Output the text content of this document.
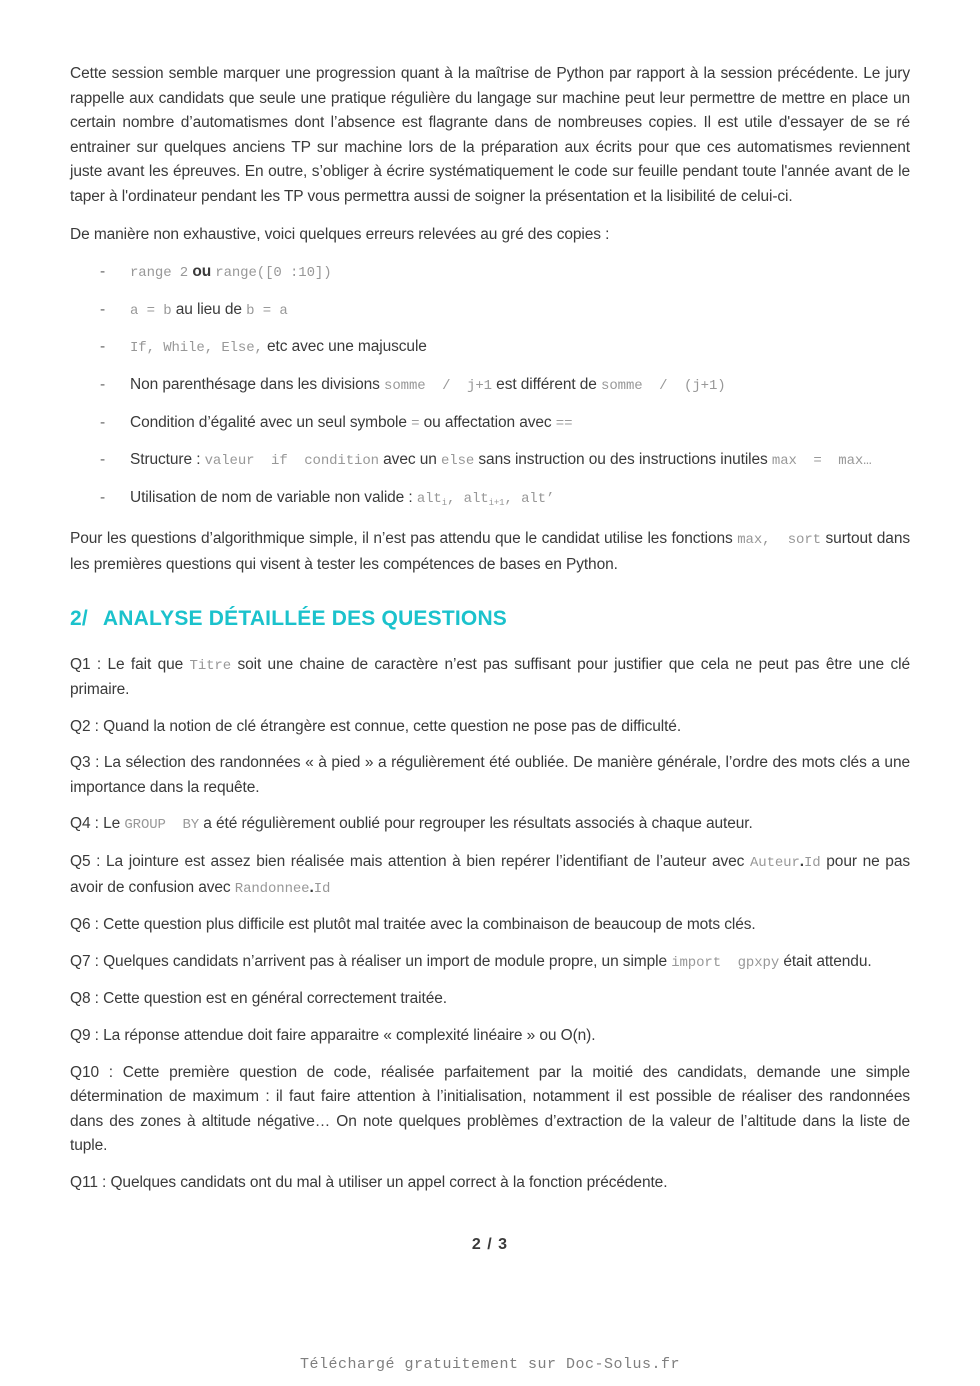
Cette session semble marquer une progression quant à la maîtrise de Python par rapport à la session précédente. Le jury rappelle aux candidats que seule une pratique régulière du langage sur machine peut leur permettre de mettre en place un certain nombre d’automatismes dont l’absence est flagrante dans de nombreuses copies. Il est utile d'essayer de se ré entrainer sur quelques anciens TP sur machine lors de la préparation aux écrits pour que ces automatismes reviennent juste avant les épreuves. En outre, s’obliger à écrire systématiquement le code sur feuille pendant toute l'année avant de le taper à l'ordinateur pendant les TP vous permettra aussi de soigner la présentation et la lisibilité de celui-ci.

De manière non exhaustive, voici quelques erreurs relevées au gré des copies :

-	range 2 ou range([0 :10])
-	a = b au lieu de b = a
-	If, While, Else, etc avec une majuscule
-	Non parenthésage dans les divisions somme  /  j+1 est différent de somme  /  (j+1)
-	Condition d’égalité avec un seul symbole = ou affectation avec ==
-	Structure : valeur  if  condition avec un else sans instruction ou des instructions inutiles max  =  max…
-	Utilisation de nom de variable non valide : alti, alti+1, alt’

Pour les questions d’algorithmique simple, il n’est pas attendu que le candidat utilise les fonctions max,  sort surtout dans les premières questions qui visent à tester les compétences de bases en Python.

2/ ANALYSE DÉTAILLÉE DES QUESTIONS

Q1 : Le fait que Titre soit une chaine de caractère n’est pas suffisant pour justifier que cela ne peut pas être une clé primaire.

Q2 : Quand la notion de clé étrangère est connue, cette question ne pose pas de difficulté.

Q3 : La sélection des randonnées « à pied » a régulièrement été oubliée. De manière générale, l’ordre des mots clés a une importance dans la requête.

Q4 : Le GROUP  BY a été régulièrement oublié pour regrouper les résultats associés à chaque auteur.

Q5 : La jointure est assez bien réalisée mais attention à bien repérer l’identifiant de l’auteur avec Auteur.Id pour ne pas avoir de confusion avec Randonnee.Id

Q6 : Cette question plus difficile est plutôt mal traitée avec la combinaison de beaucoup de mots clés.

Q7 : Quelques candidats n’arrivent pas à réaliser un import de module propre, un simple import  gpxpy était attendu.

Q8 : Cette question est en général correctement traitée.

Q9 : La réponse attendue doit faire apparaitre « complexité linéaire » ou O(n).

Q10 : Cette première question de code, réalisée parfaitement par la moitié des candidats, demande une simple détermination de maximum : il faut faire attention à l’initialisation, notamment il est possible de réaliser des randonnées dans des zones à altitude négative… On note quelques problèmes d’extraction de la valeur de l’altitude dans la liste de tuple.

Q11 : Quelques candidats ont du mal à utiliser un appel correct à la fonction précédente.

2 / 3
Téléchargé gratuitement sur Doc-Solus.fr
